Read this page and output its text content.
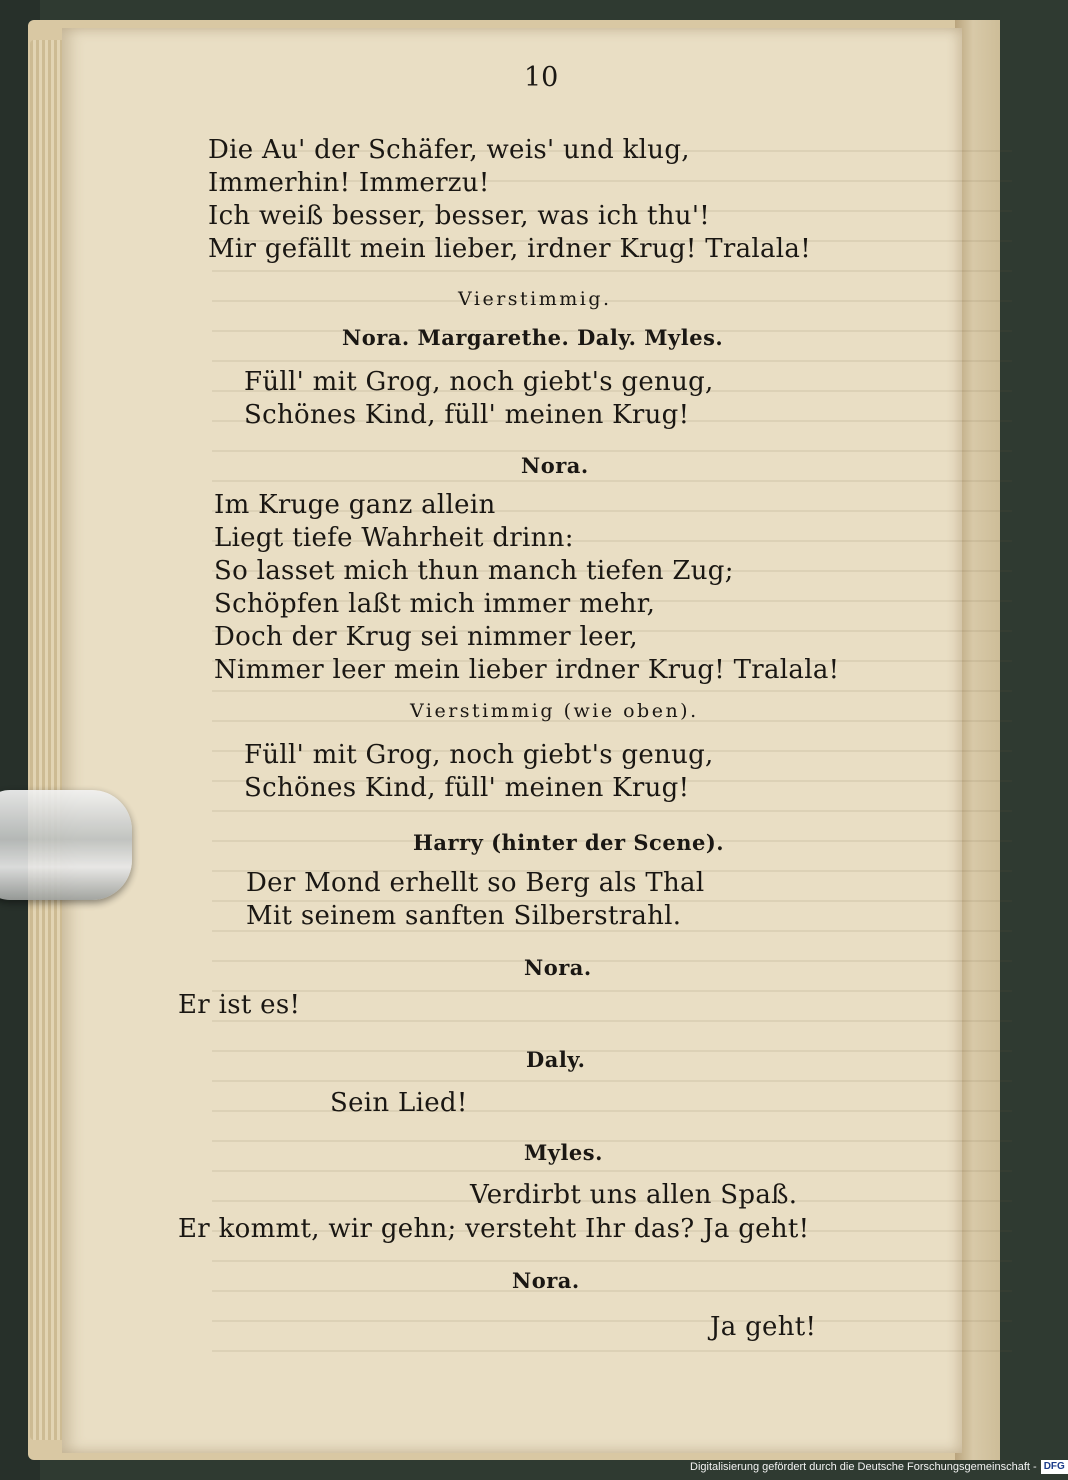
10
Die Au' der Schäfer, weis' und klug,
Immerhin! Immerzu!
Ich weiß besser, besser, was ich thu'!
Mir gefällt mein lieber, irdner Krug! Tralala!
Vierstimmig.
Nora. Margarethe. Daly. Myles.
Füll' mit Grog, noch giebt's genug,
Schönes Kind, füll' meinen Krug!
Nora.
Im Kruge ganz allein
Liegt tiefe Wahrheit drinn:
So lasset mich thun manch tiefen Zug;
Schöpfen laßt mich immer mehr,
Doch der Krug sei nimmer leer,
Nimmer leer mein lieber irdner Krug! Tralala!
Vierstimmig (wie oben).
Füll' mit Grog, noch giebt's genug,
Schönes Kind, füll' meinen Krug!
Harry (hinter der Scene).
Der Mond erhellt so Berg als Thal
Mit seinem sanften Silberstrahl.
Nora.
Er ist es!
Daly.
Sein Lied!
Myles.
Verdirbt uns allen Spaß.
Er kommt, wir gehn; versteht Ihr das? Ja geht!
Nora.
Ja geht!
Digitalisierung gefördert durch die Deutsche Forschungsgemeinschaft - DFG
